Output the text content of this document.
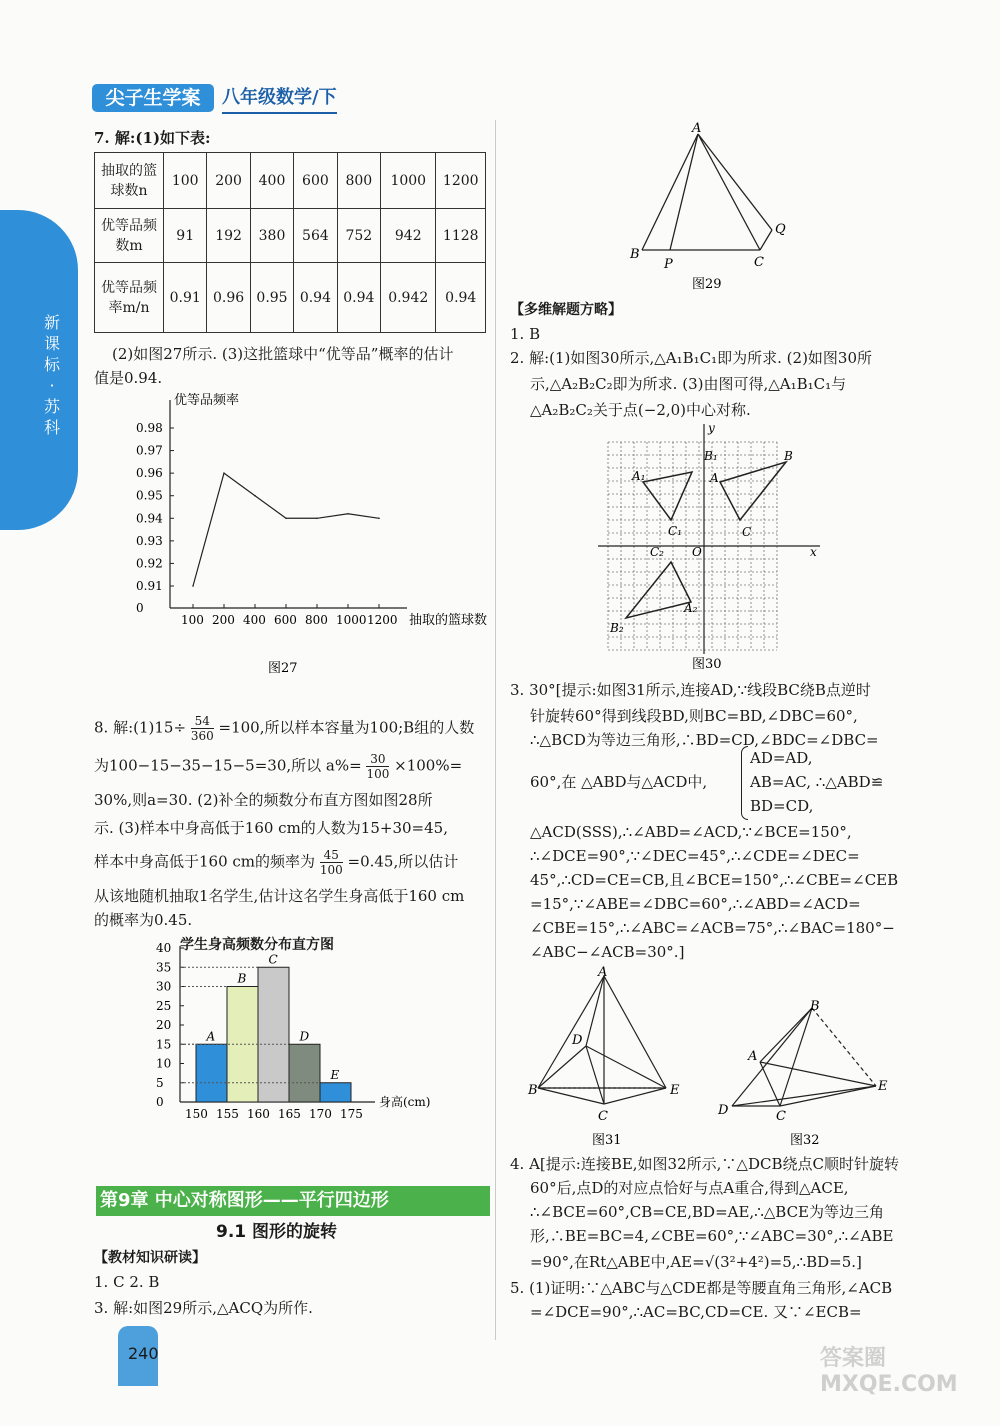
尖子生学案	八年级数学/下
新课标·苏科
7. 解:(1)如下表:
抽取的篮球数n	100	200	400	600	800	1000	1200
优等品频数m	91	192	380	564	752	942	1128
优等品频率m/n	0.91	0.96	0.95	0.94	0.94	0.942	0.94
(2)如图27所示. (3)这批篮球中“优等品”概率的估计
值是0.94.
优等品频率
0.98
0.97
0.96
0.95
0.94
0.93
0.92
0.91
0
100 200 400 600 800 1000 1200 抽取的篮球数
图27
8. 解:(1)15÷ $\frac{54}{360} =100$,所以样本容量为100;B组的人数
为100−15−35−15−5=30,所以 $a\%= \frac{30}{100} \times 100\%=$
30%,则a=30. (2)补全的频数分布直方图如图28所
示. (3)样本中身高低于160 cm的人数为15+30=45,
样本中身高低于160 cm的频率为 $\frac{45}{100} =0.45$,所以估计
从该地随机抽取1名学生,估计这名学生身高低于160 cm
的概率为0.45.
学生身高频数分布直方图
40
35
30
25
20
15
10
5
0
A
B
C
D
E
150 155 160 165 170 175
身高(cm)
第9章 中心对称图形——平行四边形
9.1 图形的旋转
【教材知识研读】
1. C 2. B
3. 解:如图29所示,△ACQ为所作.
240
A
B
P	C
Q
图29
【多维解题方略】
1. B
2. 解:(1)如图30所示,△A₁B₁C₁即为所求. (2)如图30所
示,△A₂B₂C₂即为所求. (3)由图可得,△A₁B₁C₁与
△A₂B₂C₂关于点(−2,0)中心对称.
A₁
B₁
C₁
A
B
C
C₂
A₂
B₂
O	x
y
图30
3. 30°[提示:如图31所示,连接AD,∵线段BC绕B点逆时
针旋转60°得到线段BD,则BC=BD,∠DBC=60°,
∴△BCD为等边三角形,∴BD=CD,∠BDC=∠DBC=
60°,在 △ABD与△ACD中,
AD=AD,
AB=AC, ∴△ABD≌
BD=CD,
△ACD(SSS),∴∠ABD=∠ACD,∵∠BCE=150°,
∴∠DCE=90°,∵∠DEC=45°,∴∠CDE=∠DEC=
45°,∴CD=CE=CB,且∠BCE=150°,∴∠CBE=∠CEB
=15°,∵∠ABE=∠DBC=60°,∴∠ABD=∠ACD=
∠CBE=15°,∴∠ABC=∠ACB=75°,∴∠BAC=180°−
∠ABC−∠ACB=30°.]
A
D
B
C
E
图31
B
A
E
D	C
图32
4. A[提示:连接BE,如图32所示,∵△DCB绕点C顺时针旋转
60°后,点D的对应点恰好与点A重合,得到△ACE,
∴∠BCE=60°,CB=CE,BD=AE,∴△BCE为等边三角
形,∴BE=BC=4,∠CBE=60°,∵∠ABC=30°,∴∠ABE
=90°,在Rt△ABE中,AE=√(3²+4²)=5,∴BD=5.]
5. (1)证明:∵△ABC与△CDE都是等腰直角三角形,∠ACB
=∠DCE=90°,∴AC=BC,CD=CE. 又∵∠ECB=
答案圈 MXQE.COM
